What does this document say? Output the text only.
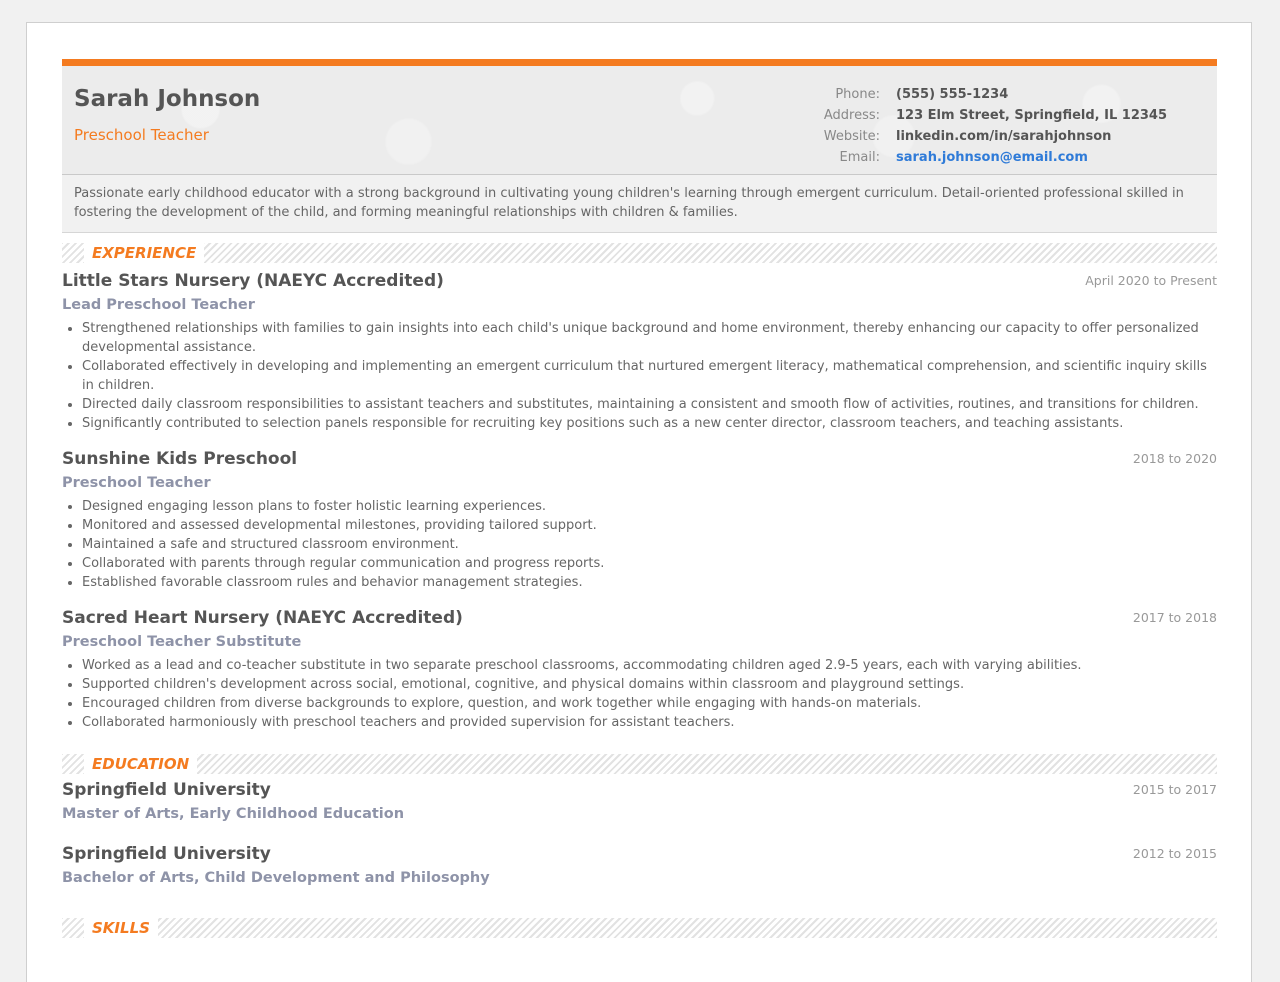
Sarah Johnson
Preschool Teacher
Phone: (555) 555-1234
Address: 123 Elm Street, Springfield, IL 12345
Website: linkedin.com/in/sarahjohnson
Email: sarah.johnson@email.com
Passionate early childhood educator with a strong background in cultivating young children's learning through emergent curriculum. Detail-oriented professional skilled in fostering the development of the child, and forming meaningful relationships with children & families.
EXPERIENCE
Little Stars Nursery (NAEYC Accredited)	April 2020 to Present
Lead Preschool Teacher
• Strengthened relationships with families to gain insights into each child's unique background and home environment, thereby enhancing our capacity to offer personalized developmental assistance.
• Collaborated effectively in developing and implementing an emergent curriculum that nurtured emergent literacy, mathematical comprehension, and scientific inquiry skills in children.
• Directed daily classroom responsibilities to assistant teachers and substitutes, maintaining a consistent and smooth flow of activities, routines, and transitions for children.
• Significantly contributed to selection panels responsible for recruiting key positions such as a new center director, classroom teachers, and teaching assistants.
Sunshine Kids Preschool	2018 to 2020
Preschool Teacher
• Designed engaging lesson plans to foster holistic learning experiences.
• Monitored and assessed developmental milestones, providing tailored support.
• Maintained a safe and structured classroom environment.
• Collaborated with parents through regular communication and progress reports.
• Established favorable classroom rules and behavior management strategies.
Sacred Heart Nursery (NAEYC Accredited)	2017 to 2018
Preschool Teacher Substitute
• Worked as a lead and co-teacher substitute in two separate preschool classrooms, accommodating children aged 2.9-5 years, each with varying abilities.
• Supported children's development across social, emotional, cognitive, and physical domains within classroom and playground settings.
• Encouraged children from diverse backgrounds to explore, question, and work together while engaging with hands-on materials.
• Collaborated harmoniously with preschool teachers and provided supervision for assistant teachers.
EDUCATION
Springfield University	2015 to 2017
Master of Arts, Early Childhood Education
Springfield University	2012 to 2015
Bachelor of Arts, Child Development and Philosophy
SKILLS
